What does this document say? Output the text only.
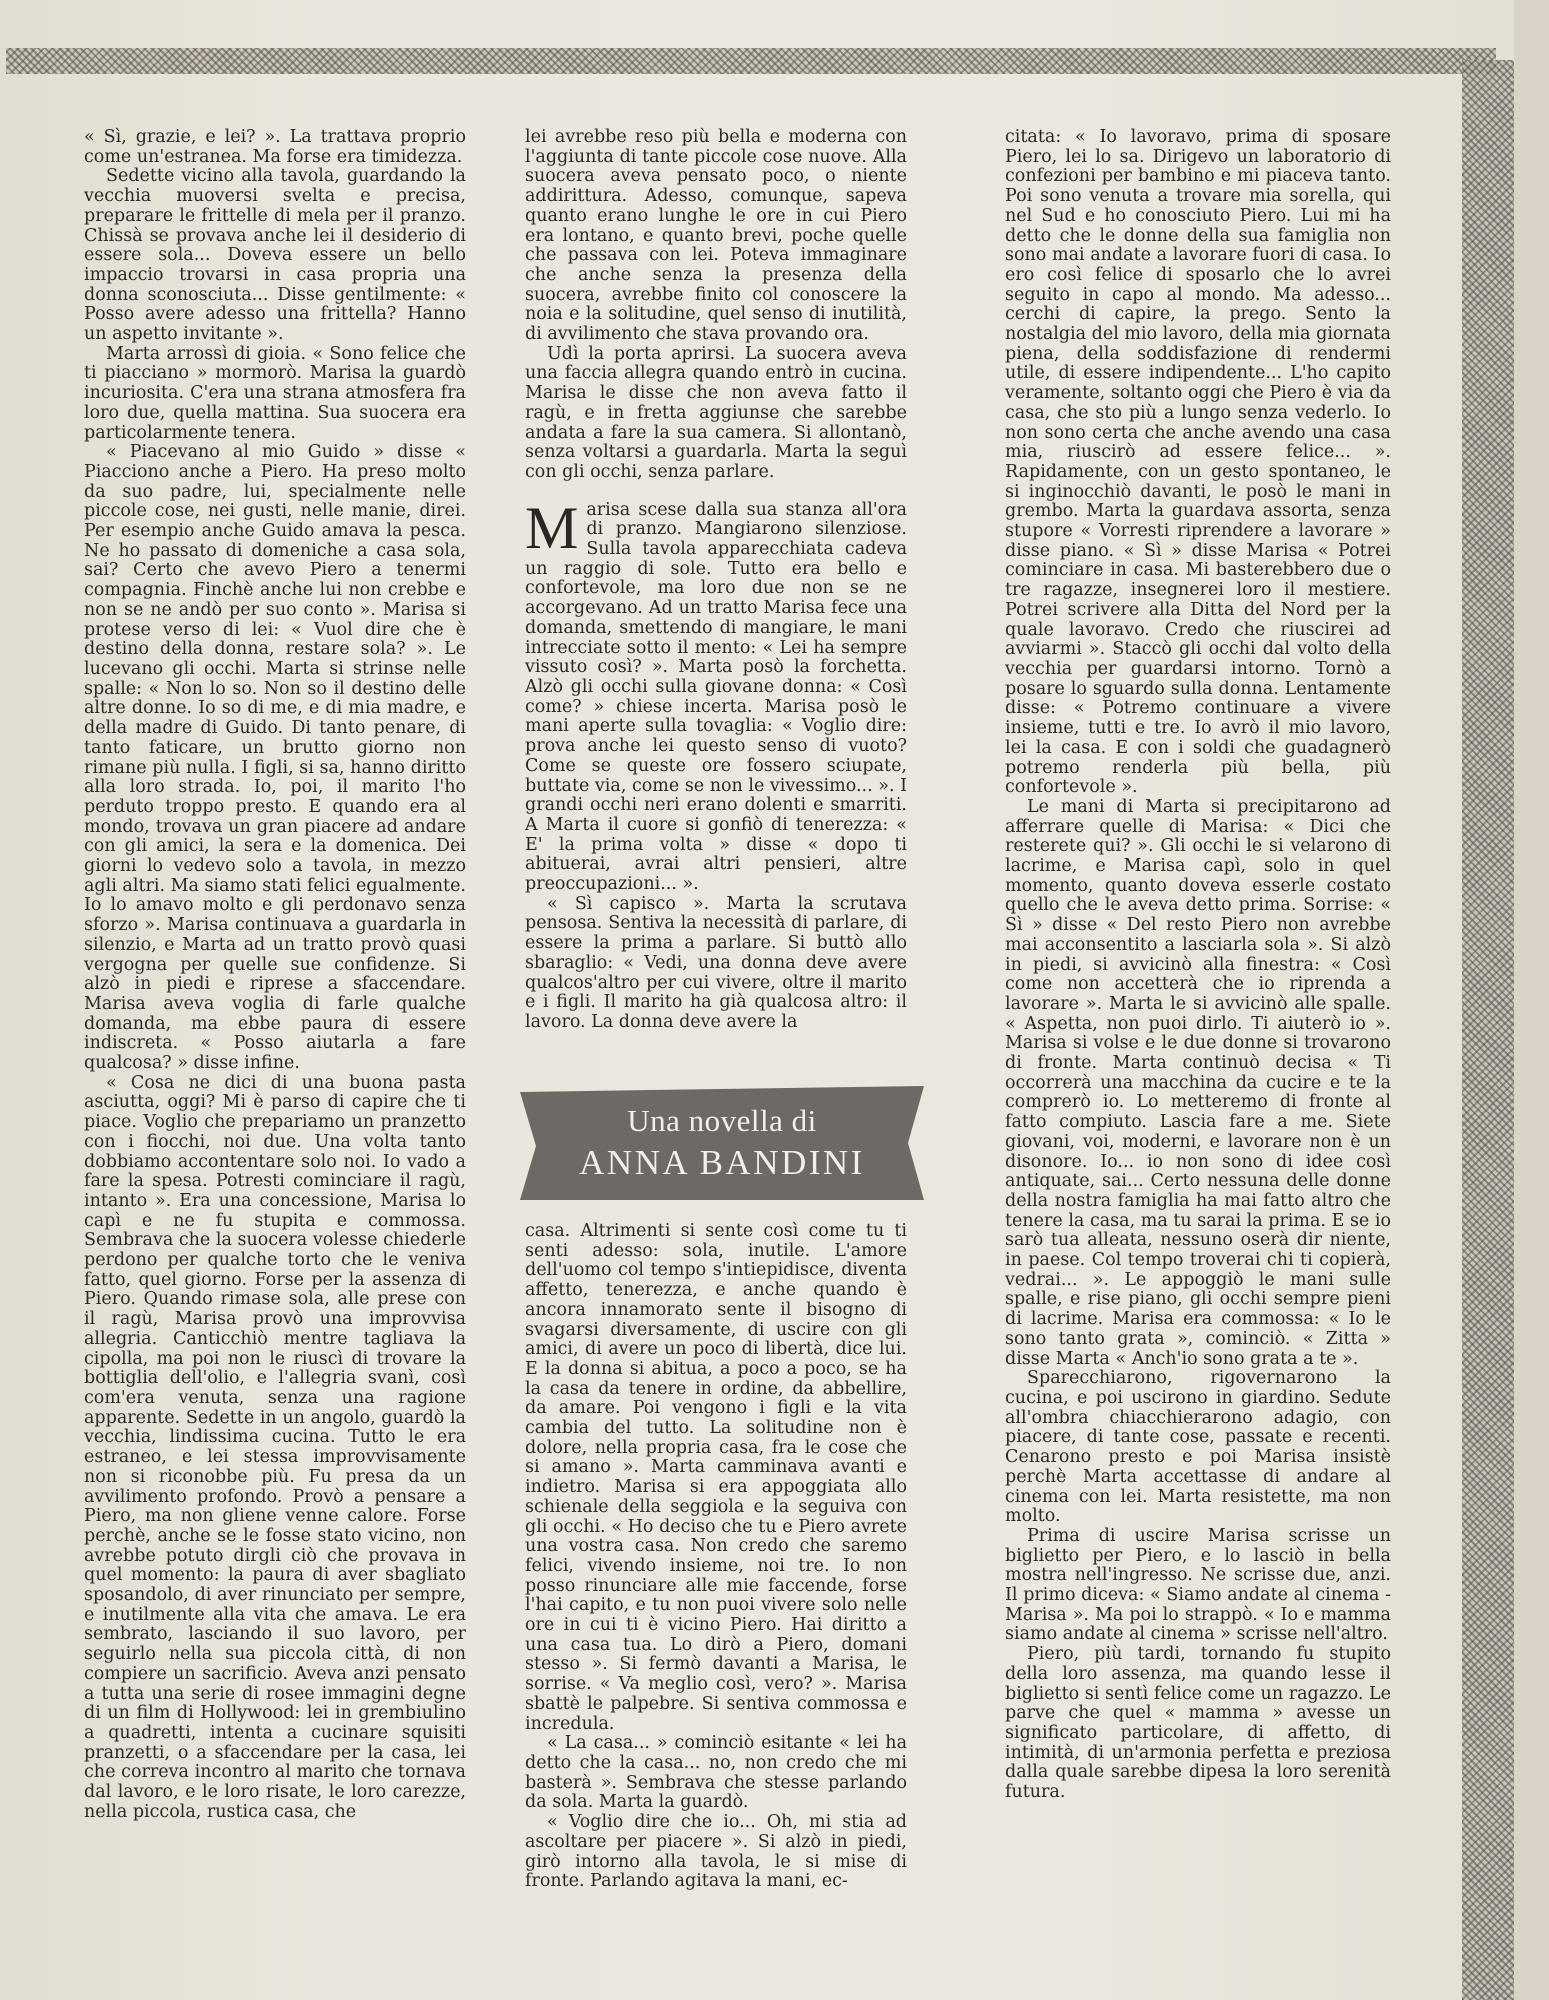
« Sì, grazie, e lei? ». La trattava proprio come un'estranea. Ma forse era timidezza.

Sedette vicino alla tavola, guardando la vecchia muoversi svelta e precisa, preparare le frittelle di mela per il pranzo. Chissà se provava anche lei il desiderio di essere sola... Doveva essere un bello impaccio trovarsi in casa propria una donna sconosciuta... Disse gentilmente: « Posso avere adesso una frittella? Hanno un aspetto invitante ».

Marta arrossì di gioia. « Sono felice che ti piacciano » mormorò. Marisa la guardò incuriosita. C'era una strana atmosfera fra loro due, quella mattina. Sua suocera era particolarmente tenera.

« Piacevano al mio Guido » disse « Piacciono anche a Piero. Ha preso molto da suo padre, lui, specialmente nelle piccole cose, nei gusti, nelle manie, direi. Per esempio anche Guido amava la pesca. Ne ho passato di domeniche a casa sola, sai? Certo che avevo Piero a tenermi compagnia. Finchè anche lui non crebbe e non se ne andò per suo conto ». Marisa si protese verso di lei: « Vuol dire che è destino della donna, restare sola? ». Le lucevano gli occhi. Marta si strinse nelle spalle: « Non lo so. Non so il destino delle altre donne. Io so di me, e di mia madre, e della madre di Guido. Di tanto penare, di tanto faticare, un brutto giorno non rimane più nulla. I figli, si sa, hanno diritto alla loro strada. Io, poi, il marito l'ho perduto troppo presto. E quando era al mondo, trovava un gran piacere ad andare con gli amici, la sera e la domenica. Dei giorni lo vedevo solo a tavola, in mezzo agli altri. Ma siamo stati felici egualmente. Io lo amavo molto e gli perdonavo senza sforzo ». Marisa continuava a guardarla in silenzio, e Marta ad un tratto provò quasi vergogna per quelle sue confidenze. Si alzò in piedi e riprese a sfaccendare. Marisa aveva voglia di farle qualche domanda, ma ebbe paura di essere indiscreta. « Posso aiutarla a fare qualcosa? » disse infine.

« Cosa ne dici di una buona pasta asciutta, oggi? Mi è parso di capire che ti piace. Voglio che prepariamo un pranzetto con i fiocchi, noi due. Una volta tanto dobbiamo accontentare solo noi. Io vado a fare la spesa. Potresti cominciare il ragù, intanto ». Era una concessione, Marisa lo capì e ne fu stupita e commossa. Sembrava che la suocera volesse chiederle perdono per qualche torto che le veniva fatto, quel giorno. Forse per la assenza di Piero. Quando rimase sola, alle prese con il ragù, Marisa provò una improvvisa allegria. Canticchiò mentre tagliava la cipolla, ma poi non le riuscì di trovare la bottiglia dell'olio, e l'allegria svanì, così com'era venuta, senza una ragione apparente. Sedette in un angolo, guardò la vecchia, lindissima cucina. Tutto le era estraneo, e lei stessa improvvisamente non si riconobbe più. Fu presa da un avvilimento profondo. Provò a pensare a Piero, ma non gliene venne calore. Forse perchè, anche se le fosse stato vicino, non avrebbe potuto dirgli ciò che provava in quel momento: la paura di aver sbagliato sposandolo, di aver rinunciato per sempre, e inutilmente alla vita che amava. Le era sembrato, lasciando il suo lavoro, per seguirlo nella sua piccola città, di non compiere un sacrificio. Aveva anzi pensato a tutta una serie di rosee immagini degne di un film di Hollywood: lei in grembiulino a quadretti, intenta a cucinare squisiti pranzetti, o a sfaccendare per la casa, lei che correva incontro al marito che tornava dal lavoro, e le loro risate, le loro carezze, nella piccola, rustica casa, che

lei avrebbe reso più bella e moderna con l'aggiunta di tante piccole cose nuove. Alla suocera aveva pensato poco, o niente addirittura. Adesso, comunque, sapeva quanto erano lunghe le ore in cui Piero era lontano, e quanto brevi, poche quelle che passava con lei. Poteva immaginare che anche senza la presenza della suocera, avrebbe finito col conoscere la noia e la solitudine, quel senso di inutilità, di avvilimento che stava provando ora.

Udì la porta aprirsi. La suocera aveva una faccia allegra quando entrò in cucina. Marisa le disse che non aveva fatto il ragù, e in fretta aggiunse che sarebbe andata a fare la sua camera. Si allontanò, senza voltarsi a guardarla. Marta la seguì con gli occhi, senza parlare.

M arisa scese dalla sua stanza all'ora di pranzo. Mangiarono silenziose. Sulla tavola apparecchiata cadeva un raggio di sole. Tutto era bello e confortevole, ma loro due non se ne accorgevano. Ad un tratto Marisa fece una domanda, smettendo di mangiare, le mani intrecciate sotto il mento: « Lei ha sempre vissuto così? ». Marta posò la forchetta. Alzò gli occhi sulla giovane donna: « Così come? » chiese incerta. Marisa posò le mani aperte sulla tovaglia: « Voglio dire: prova anche lei questo senso di vuoto? Come se queste ore fossero sciupate, buttate via, come se non le vivessimo... ». I grandi occhi neri erano dolenti e smarriti. A Marta il cuore si gonfiò di tenerezza: « E' la prima volta » disse « dopo ti abituerai, avrai altri pensieri, altre preoccupazioni... ».

« Sì capisco ». Marta la scrutava pensosa. Sentiva la necessità di parlare, di essere la prima a parlare. Si buttò allo sbaraglio: « Vedi, una donna deve avere qualcos'altro per cui vivere, oltre il marito e i figli. Il marito ha già qualcosa altro: il lavoro. La donna deve avere la

Una novella di
ANNA BANDINI

casa. Altrimenti si sente così come tu ti senti adesso: sola, inutile. L'amore dell'uomo col tempo s'intiepidisce, diventa affetto, tenerezza, e anche quando è ancora innamorato sente il bisogno di svagarsi diversamente, di uscire con gli amici, di avere un poco di libertà, dice lui. E la donna si abitua, a poco a poco, se ha la casa da tenere in ordine, da abbellire, da amare. Poi vengono i figli e la vita cambia del tutto. La solitudine non è dolore, nella propria casa, fra le cose che si amano ». Marta camminava avanti e indietro. Marisa si era appoggiata allo schienale della seggiola e la seguiva con gli occhi. « Ho deciso che tu e Piero avrete una vostra casa. Non credo che saremo felici, vivendo insieme, noi tre. Io non posso rinunciare alle mie faccende, forse l'hai capito, e tu non puoi vivere solo nelle ore in cui ti è vicino Piero. Hai diritto a una casa tua. Lo dirò a Piero, domani stesso ». Si fermò davanti a Marisa, le sorrise. « Va meglio così, vero? ». Marisa sbattè le palpebre. Si sentiva commossa e incredula.

« La casa... » cominciò esitante « lei ha detto che la casa... no, non credo che mi basterà ». Sembrava che stesse parlando da sola. Marta la guardò.

« Voglio dire che io... Oh, mi stia ad ascoltare per piacere ». Si alzò in piedi, girò intorno alla tavola, le si mise di fronte. Parlando agitava la mani, ec-

citata: « Io lavoravo, prima di sposare Piero, lei lo sa. Dirigevo un laboratorio di confezioni per bambino e mi piaceva tanto. Poi sono venuta a trovare mia sorella, qui nel Sud e ho conosciuto Piero. Lui mi ha detto che le donne della sua famiglia non sono mai andate a lavorare fuori di casa. Io ero così felice di sposarlo che lo avrei seguito in capo al mondo. Ma adesso... cerchi di capire, la prego. Sento la nostalgia del mio lavoro, della mia giornata piena, della soddisfazione di rendermi utile, di essere indipendente... L'ho capito veramente, soltanto oggi che Piero è via da casa, che sto più a lungo senza vederlo. Io non sono certa che anche avendo una casa mia, riuscirò ad essere felice... ». Rapidamente, con un gesto spontaneo, le si inginocchiò davanti, le posò le mani in grembo. Marta la guardava assorta, senza stupore « Vorresti riprendere a lavorare » disse piano. « Sì » disse Marisa « Potrei cominciare in casa. Mi basterebbero due o tre ragazze, insegnerei loro il mestiere. Potrei scrivere alla Ditta del Nord per la quale lavoravo. Credo che riuscirei ad avviarmi ». Staccò gli occhi dal volto della vecchia per guardarsi intorno. Tornò a posare lo sguardo sulla donna. Lentamente disse: « Potremo continuare a vivere insieme, tutti e tre. Io avrò il mio lavoro, lei la casa. E con i soldi che guadagnerò potremo renderla più bella, più confortevole ».

Le mani di Marta si precipitarono ad afferrare quelle di Marisa: « Dici che resterete qui? ». Gli occhi le si velarono di lacrime, e Marisa capì, solo in quel momento, quanto doveva esserle costato quello che le aveva detto prima. Sorrise: « Sì » disse « Del resto Piero non avrebbe mai acconsentito a lasciarla sola ». Si alzò in piedi, si avvicinò alla finestra: « Così come non accetterà che io riprenda a lavorare ». Marta le si avvicinò alle spalle. « Aspetta, non puoi dirlo. Ti aiuterò io ». Marisa si volse e le due donne si trovarono di fronte. Marta continuò decisa « Ti occorrerà una macchina da cucire e te la comprerò io. Lo metteremo di fronte al fatto compiuto. Lascia fare a me. Siete giovani, voi, moderni, e lavorare non è un disonore. Io... io non sono di idee così antiquate, sai... Certo nessuna delle donne della nostra famiglia ha mai fatto altro che tenere la casa, ma tu sarai la prima. E se io sarò tua alleata, nessuno oserà dir niente, in paese. Col tempo troverai chi ti copierà, vedrai... ». Le appoggiò le mani sulle spalle, e rise piano, gli occhi sempre pieni di lacrime. Marisa era commossa: « Io le sono tanto grata », cominciò. « Zitta » disse Marta « Anch'io sono grata a te ».

Sparecchiarono, rigovernarono la cucina, e poi uscirono in giardino. Sedute all'ombra chiacchierarono adagio, con piacere, di tante cose, passate e recenti. Cenarono presto e poi Marisa insistè perchè Marta accettasse di andare al cinema con lei. Marta resistette, ma non molto.

Prima di uscire Marisa scrisse un biglietto per Piero, e lo lasciò in bella mostra nell'ingresso. Ne scrisse due, anzi. Il primo diceva: « Siamo andate al cinema - Marisa ». Ma poi lo strappò. « Io e mamma siamo andate al cinema » scrisse nell'altro.

Piero, più tardi, tornando fu stupito della loro assenza, ma quando lesse il biglietto si sentì felice come un ragazzo. Le parve che quel « mamma » avesse un significato particolare, di affetto, di intimità, di un'armonia perfetta e preziosa dalla quale sarebbe dipesa la loro serenità futura.
